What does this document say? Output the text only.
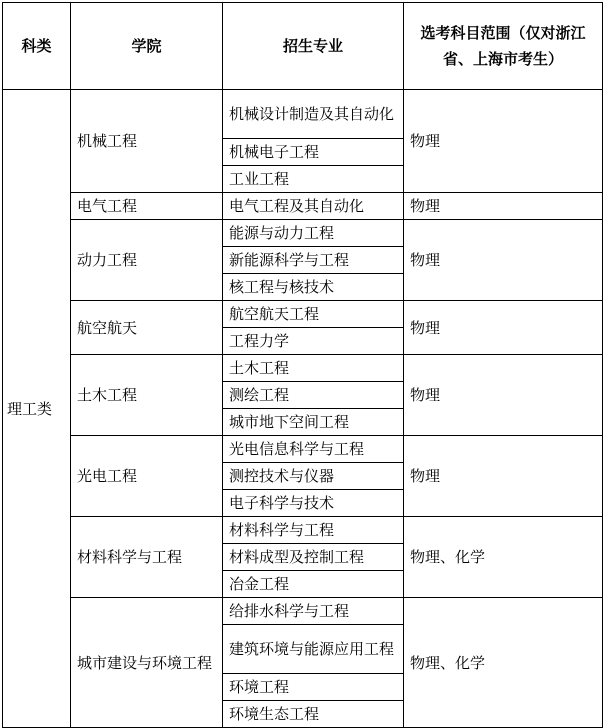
科类	学院	招生专业	选考科目范围（仅对浙江省、上海市考生）
理工类	机械工程	机械设计制造及其自动化	物理
		机械电子工程	
		工业工程	
	电气工程	电气工程及其自动化	物理
	动力工程	能源与动力工程	物理
		新能源科学与工程	
		核工程与核技术	
	航空航天	航空航天工程	物理
		工程力学	
	土木工程	土木工程	物理
		测绘工程	
		城市地下空间工程	
	光电工程	光电信息科学与工程	物理
		测控技术与仪器	
		电子科学与技术	
	材料科学与工程	材料科学与工程	物理、化学
		材料成型及控制工程	
		冶金工程	
	城市建设与环境工程	给排水科学与工程	物理、化学
		建筑环境与能源应用工程	
		环境工程	
		环境生态工程	
